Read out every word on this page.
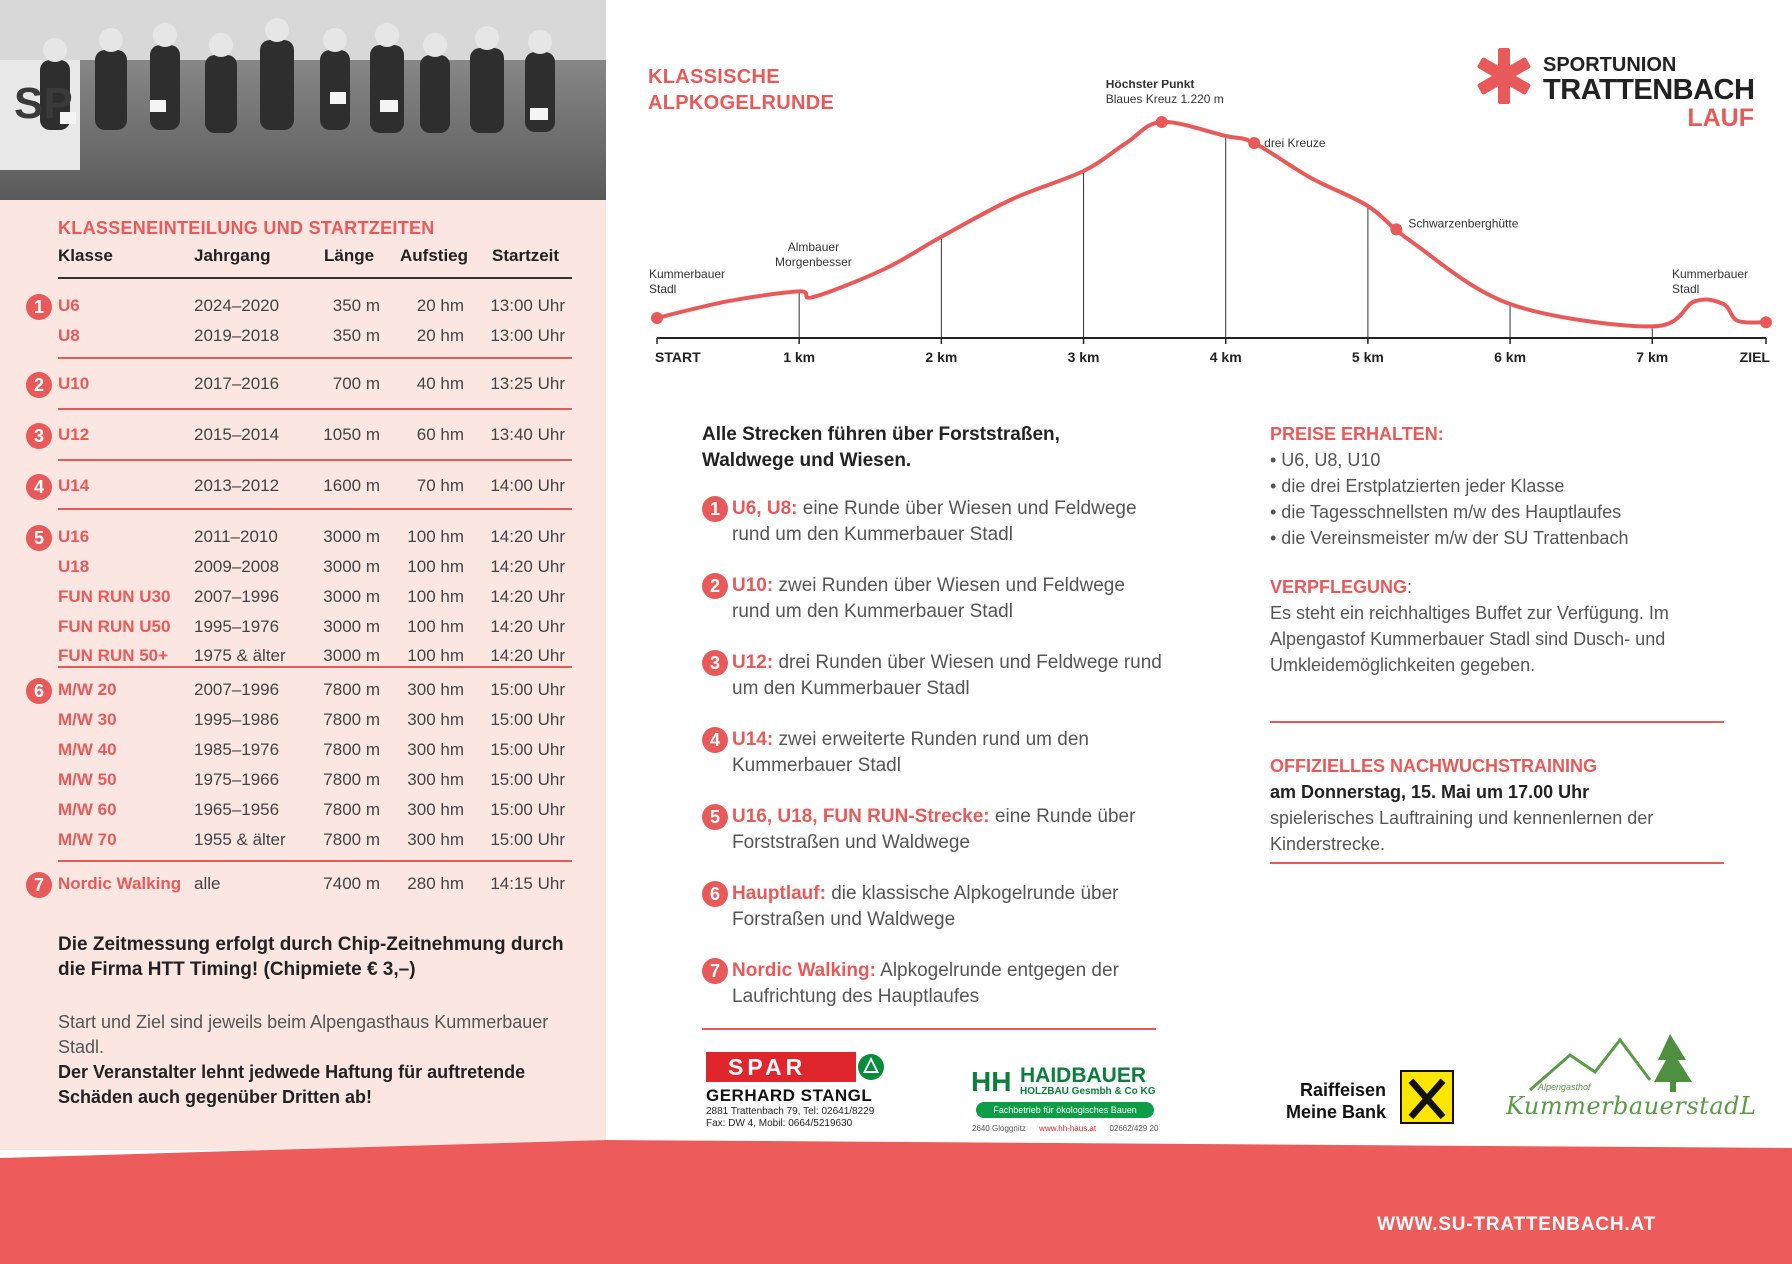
SP
KLASSENEINTEILUNG UND STARTZEITEN
Klasse	Jahrgang	Länge Aufstieg Startzeit
1 U6	2024–2020	350 m	20 hm	13:00 Uhr
U8	2019–2018	350 m	20 hm	13:00 Uhr
2 U10	2017–2016	700 m	40 hm	13:25 Uhr
3 U12	2015–2014	1050 m	60 hm	13:40 Uhr
4 U14	2013–2012	1600 m	70 hm	14:00 Uhr
5 U16	2011–2010	3000 m	100 hm	14:20 Uhr
U18	2009–2008	3000 m	100 hm	14:20 Uhr
FUN RUN U30 2007–1996	3000 m	100 hm	14:20 Uhr
FUN RUN U50 1995–1976	3000 m	100 hm	14:20 Uhr
FUN RUN 50+ 1975 & älter 3000 m	100 hm	14:20 Uhr
6 M/W 20	2007–1996	7800 m	300 hm	15:00 Uhr
M/W 30	1995–1986	7800 m	300 hm	15:00 Uhr
M/W 40	1985–1976	7800 m	300 hm	15:00 Uhr
M/W 50	1975–1966	7800 m	300 hm	15:00 Uhr
M/W 60	1965–1956	7800 m	300 hm	15:00 Uhr
M/W 70	1955 & älter 7800 m	300 hm	15:00 Uhr
7 Nordic Walking alle	7400 m	280 hm	14:15 Uhr
Die Zeitmessung erfolgt durch Chip-Zeitnehmung durch die Firma HTT Timing! (Chipmiete € 3,–)
Start und Ziel sind jeweils beim Alpengasthaus Kummerbauer Stadl.
Der Veranstalter lehnt jedwede Haftung für auftretende Schäden auch gegenüber Dritten ab!
KLASSISCHE
ALPKOGELRUNDE
SPORTUNION
TRATTENBACH
LAUF
START	1 km	2 km	3 km	4 km	5 km	6 km	7 km	ZIEL
Kummerbauer
Stadl
Almbauer
Morgenbesser
Höchster Punkt
Blaues Kreuz 1.220 m
drei Kreuze
Schwarzenberghütte
Kummerbauer
Stadl
Alle Strecken führen über Forststraßen, Waldwege und Wiesen.
1 U6, U8: eine Runde über Wiesen und Feldwege rund um den Kummerbauer Stadl
2 U10: zwei Runden über Wiesen und Feldwege rund um den Kummerbauer Stadl
3 U12: drei Runden über Wiesen und Feldwege rund um den Kummerbauer Stadl
4 U14: zwei erweiterte Runden rund um den Kummerbauer Stadl
5 U16, U18, FUN RUN-Strecke: eine Runde über Forststraßen und Waldwege
6 Hauptlauf: die klassische Alpkogelrunde über Forstraßen und Waldwege
7 Nordic Walking: Alpkogelrunde entgegen der Laufrichtung des Hauptlaufes
PREISE ERHALTEN:
• U6, U8, U10
• die drei Erstplatzierten jeder Klasse
• die Tagesschnellsten m/w des Hauptlaufes
• die Vereinsmeister m/w der SU Trattenbach
VERPFLEGUNG:
Es steht ein reichhaltiges Buffet zur Verfügung. Im Alpengastof Kummerbauer Stadl sind Dusch- und Umkleidemöglichkeiten gegeben.
OFFIZIELLES NACHWUCHSTRAINING
am Donnerstag, 15. Mai um 17.00 Uhr
spielerisches Lauftraining und kennenlernen der Kinderstrecke.
SPAR
GERHARD STANGL
2881 Trattenbach 79, Tel: 02641/8229
Fax: DW 4, Mobil: 0664/5219630
HH HAIDBAUER
HOLZBAU Gesmbh & Co KG
Fachbetrieb für ökologisches Bauen
2640 Gloggnitz www.hh-haus.at 02662/429 20
Raiffeisen
Meine Bank
Alpengasthof
KummerbauerstadL
WWW.SU-TRATTENBACH.AT
